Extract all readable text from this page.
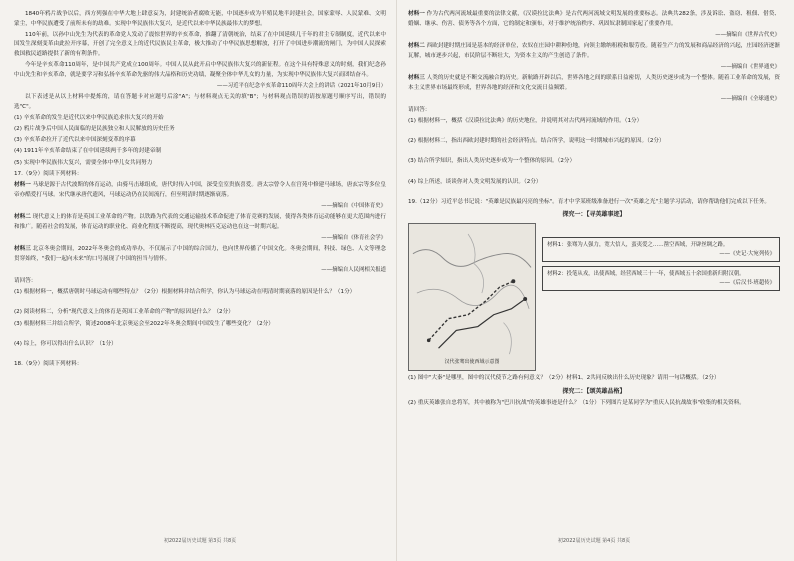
1840年鸦片战争以后，西方列强在中华大地上肆意妄为，封建统治者腐败无能，中国逐步成为半殖民地半封建社会，国家蒙辱、人民蒙难、文明蒙尘，中华民族遭受了前所未有的劫难。实现中华民族伟大复兴，是近代以来中华民族最伟大的梦想。

110年前，以孙中山先生为代表的革命党人发动了震惊世界的辛亥革命，推翻了清朝统治，结束了在中国延续几千年的君主专制制度，近代以来中国发生深刻变革由此拉开序幕，开创了完全意义上的近代民族民主革命，极大推动了中华民族思想解放，打开了中国进步潮流的闸门，为中国人民探索救国救民道路提供了新的有利条件。

今年是辛亥革命110周年，是中国共产党成立100周年。中国人民从此开启中华民族伟大复兴的新征程。在这个具有特殊意义的时刻，我们纪念孙中山先生和辛亥革命，就是要学习和弘扬辛亥革命先驱的伟大品格和历史功绩，凝聚全体中华儿女的力量，为实现中华民族伟大复兴而团结奋斗。

——习近平在纪念辛亥革命110周年大会上的讲话（2021年10月9日）

以下表述是从以上材料中提炼的，请在答题卡对应题号后涂"A"；与材料观点无关的填"B"；与材料观点错误的请按原题号顺序写出，错误的选"C"。

(1) 辛亥革命的发生是近代以来中华民族追求伟大复兴的开始

(2) 鸦片战争后中国人民面临的是民族独立和人民解放的历史任务

(3) 辛亥革命拉开了近代以来中国深刻变革的序幕

(4) 1911年辛亥革命结束了在中国延续两千多年的封建帝制

(5) 实现中华民族伟大复兴，需要全体中华儿女共同努力

17.（9分）阅读下列材料：

材料一 马球是源于古代波斯的体育运动，由骑马击球组成，唐代时传入中国，深受皇室贵族喜爱。唐太宗曾令人在宫苑中修建马球场，唐玄宗等多位皇帝亦酷爱打马球。宋代继承唐代遗风，马球运动仍在民间流行，但至明清时期逐渐衰落。

——摘编自《中国体育史》

材料二 现代意义上的体育是英国工业革命的产物。以铁路为代表的交通运输技术革命促进了体育竞赛的发展，使得各类体育运动能够在更大范围内进行和推广。随着社会的发展，体育运动的职业化、商业化程度不断提高，现代奥林匹克运动也在这一时期兴起。

——摘编自《体育社会学》

材料三 北京冬奥会期间，2022年冬奥会的成功举办，不仅展示了中国的综合国力，也向世界传播了中国文化。冬奥会期间，科技、绿色、人文等理念贯穿始终，"我们一起向未来"的口号展现了中国的担当与情怀。

——摘编自人民网相关报道

请回答：

(1) 根据材料一，概括唐朝时马球运动有哪些特点？（2分）根据材料并结合所学，你认为马球运动在明清时期衰落的原因是什么？（1分）

(2) 阅读材料二，分析"现代意义上的体育是英国工业革命的产物"的原因是什么？（2分）

(3) 根据材料三并结合所学，简述2008年北京奥运会至2022年冬奥会期间中国发生了哪些变化？（2分）

(4) 综上，你可以得出什么认识？（1分）

18.（9分）阅读下列材料：

初2022届历史试题 第3页 共8页

材料一 作为古代两河流域最重要的法律文献，《汉谟拉比法典》是古代两河流域文明发展的重要标志。法典共282条，涉及诉讼、盗窃、租佃、借贷、婚姻、继承、伤害、债务等各个方面，它的制定和颁布，对于维护统治秩序、巩固奴隶制国家起了重要作用。

——摘编自《世界古代史》

材料二 西欧封建时期庄园是基本的经济单位，农奴在庄园中耕种份地，向领主缴纳租税和服劳役。随着生产力的发展和商品经济的兴起，庄园经济逐渐瓦解，城市逐步兴起，市民阶层不断壮大，为资本主义的产生创造了条件。

——摘编自《世界通史》

材料三 人类的历史就是不断交流融合的历史。新航路开辟以后，世界各地之间的联系日益密切，人类历史逐步成为一个整体。随着工业革命的发展，资本主义世界市场最终形成，世界各地的经济和文化交流日益频繁。

——摘编自《全球通史》

请回答：

(1) 根据材料一，概括《汉谟拉比法典》的历史地位，并说明其对古代两河流域的作用。（1分）

(2) 根据材料二，指出西欧封建时期的社会经济特点。结合所学，说明这一时期城市兴起的原因。（2分）

(3) 结合所学知识，指出人类历史逐步成为一个整体的原因。（2分）

(4) 综上所述，谈谈你对人类文明发展的认识。（2分）

19.（12分）习近平总书记说："英雄是民族最闪亮的坐标"。育才中学某班级准备进行一次"英雄之光"主题学习活动，请你帮助他们完成以下任务。

探究一：【寻英雄事迹】
汉代张骞出使西域示意图
材料1：张骞为人强力，宽大信人，蛮夷爱之……凿空西域，开辟丝绸之路。
——《史记·大宛列传》
材料2：投笔从戎，出使西域，经营西域三十一年，使西域五十余国重新归附汉朝。
——《后汉书·班超传》

(1) 图中"大秦"是哪里，图中的汉代使节之路有何意义？（2分）材料1、2共同反映出什么历史现象？请用一句话概括。（2分）

探究二：【颂英雄品格】

(2) 重庆英雄张自忠将军，其中被称为"巴川抗战"的英雄事迹是什么？（1分）下列图片是某同学为"重庆人民抗战故事"收集的相关资料。

初2022届历史试题 第4页 共8页
